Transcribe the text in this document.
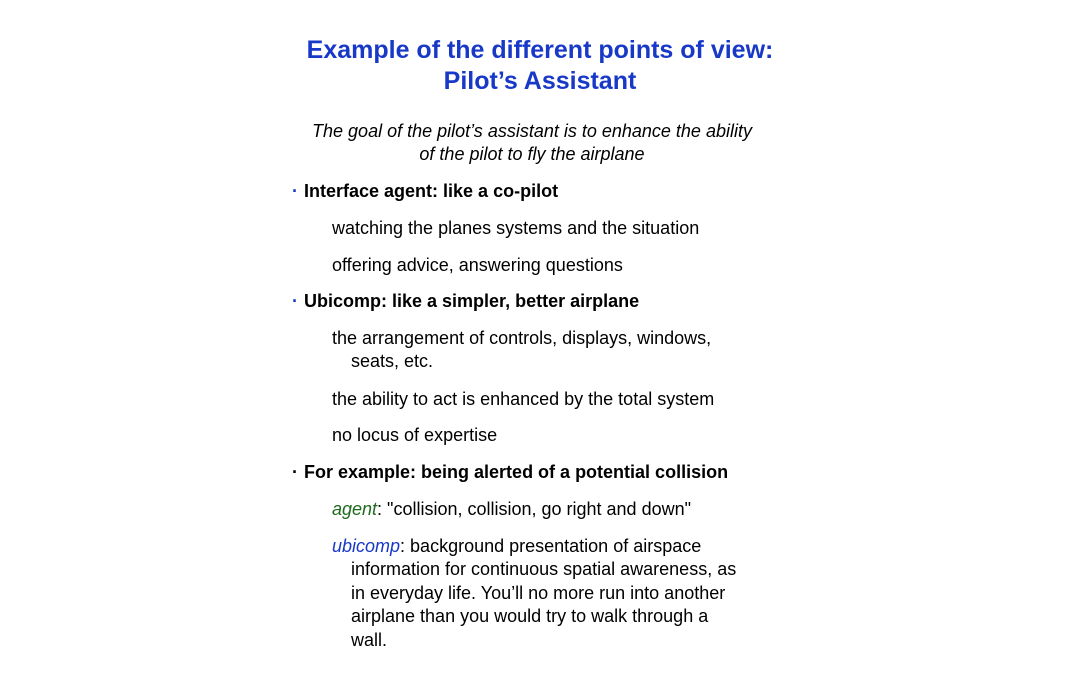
Example of the different points of view:
Pilot’s Assistant
The goal of the pilot’s assistant is to enhance the ability
of the pilot to fly the airplane
· Interface agent: like a co-pilot
watching the planes systems and the situation
offering advice, answering questions
· Ubicomp: like a simpler, better airplane
the arrangement of controls, displays, windows,
seats, etc.
the ability to act is enhanced by the total system
no locus of expertise
· For example: being alerted of a potential collision
agent: "collision, collision, go right and down"
ubicomp: background presentation of airspace
information for continuous spatial awareness, as
in everyday life. You’ll no more run into another
airplane than you would try to walk through a
wall.
